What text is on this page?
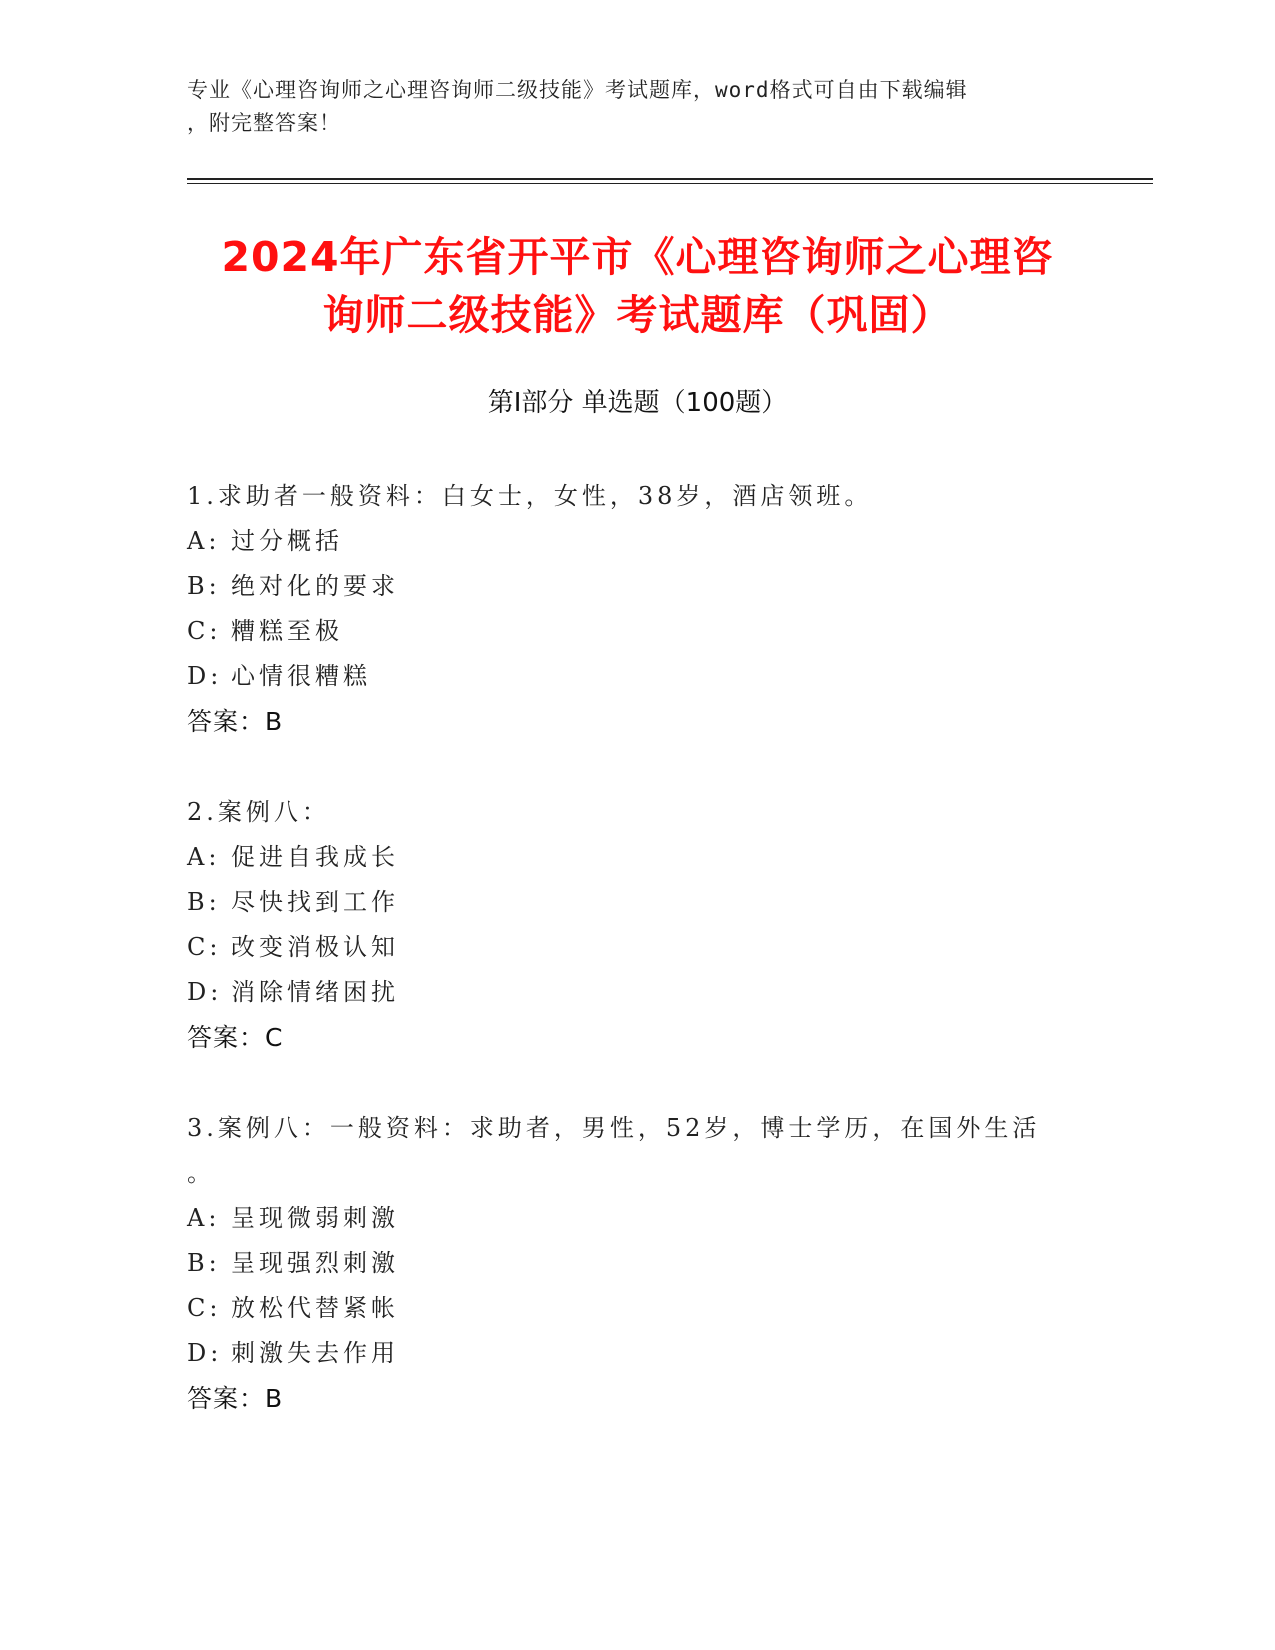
专业《心理咨询师之心理咨询师二级技能》考试题库，word格式可自由下载编辑
，附完整答案！
2024年广东省开平市《心理咨询师之心理咨
询师二级技能》考试题库（巩固）
第I部分 单选题（100题）
1.求助者一般资料：白女士，女性，38岁，酒店领班。
A: 过分概括
B: 绝对化的要求
C: 糟糕至极
D: 心情很糟糕
答案：B
2.案例八：
A: 促进自我成长
B: 尽快找到工作
C: 改变消极认知
D: 消除情绪困扰
答案：C
3.案例八：一般资料：求助者，男性，52岁，博士学历，在国外生活
。
A: 呈现微弱刺激
B: 呈现强烈刺激
C: 放松代替紧帐
D: 刺激失去作用
答案：B
